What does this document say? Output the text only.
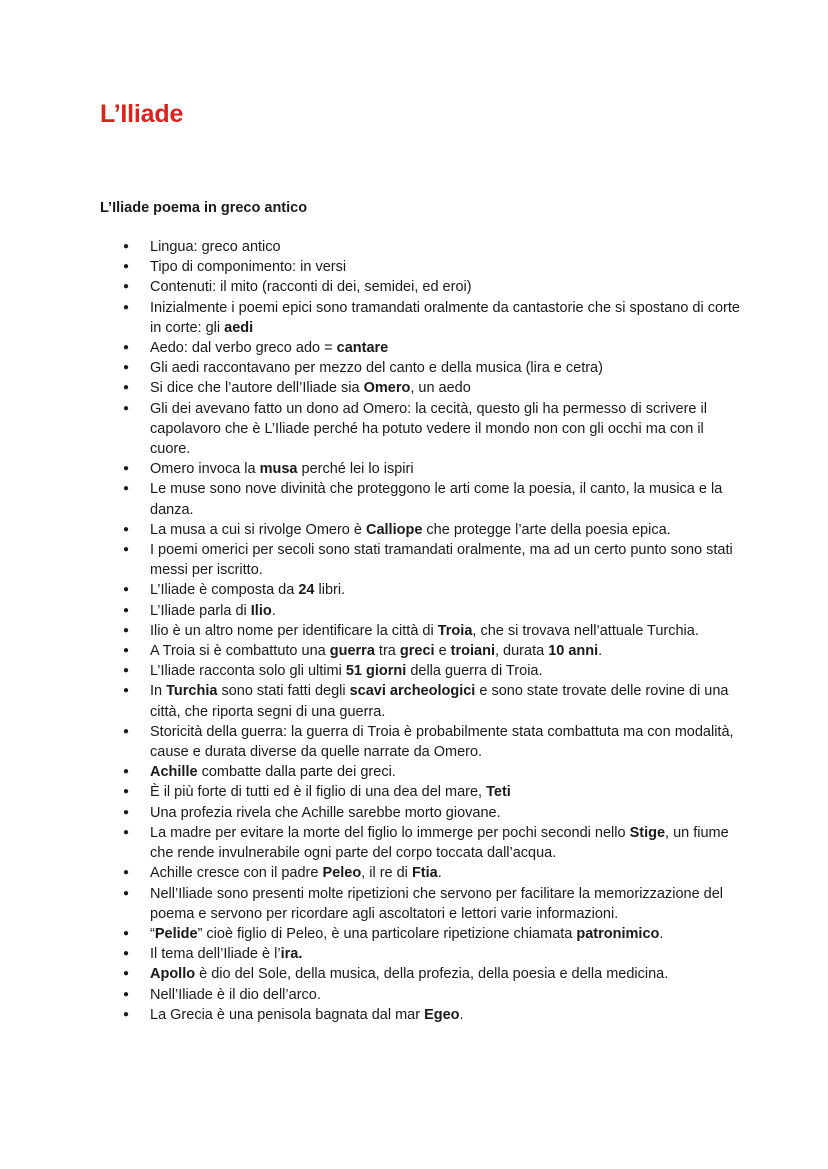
L’Iliade
L’Iliade poema in greco antico
● Lingua: greco antico
● Tipo di componimento: in versi
● Contenuti: il mito (racconti di dei, semidei, ed eroi)
● Inizialmente i poemi epici sono tramandati oralmente da cantastorie che si spostano di corte in corte: gli aedi
● Aedo: dal verbo greco ado = cantare
● Gli aedi raccontavano per mezzo del canto e della musica (lira e cetra)
● Si dice che l’autore dell’Iliade sia Omero, un aedo
● Gli dei avevano fatto un dono ad Omero: la cecità, questo gli ha permesso di scrivere il capolavoro che è L’Iliade perché ha potuto vedere il mondo non con gli occhi ma con il cuore.
● Omero invoca la musa perché lei lo ispiri
● Le muse sono nove divinità che proteggono le arti come la poesia, il canto, la musica e la danza.
● La musa a cui si rivolge Omero è Calliope che protegge l’arte della poesia epica.
● I poemi omerici per secoli sono stati tramandati oralmente, ma ad un certo punto sono stati messi per iscritto.
● L’Iliade è composta da 24 libri.
● L’Iliade parla di Ilio.
● Ilio è un altro nome per identificare la città di Troia, che si trovava nell’attuale Turchia.
● A Troia si è combattuto una guerra tra greci e troiani, durata 10 anni.
● L’Iliade racconta solo gli ultimi 51 giorni della guerra di Troia.
● In Turchia sono stati fatti degli scavi archeologici e sono state trovate delle rovine di una città, che riporta segni di una guerra.
● Storicità della guerra: la guerra di Troia è probabilmente stata combattuta ma con modalità, cause e durata diverse da quelle narrate da Omero.
● Achille combatte dalla parte dei greci.
● È il più forte di tutti ed è il figlio di una dea del mare, Teti
● Una profezia rivela che Achille sarebbe morto giovane.
● La madre per evitare la morte del figlio lo immerge per pochi secondi nello Stige, un fiume che rende invulnerabile ogni parte del corpo toccata dall’acqua.
● Achille cresce con il padre Peleo, il re di Ftia.
● Nell’Iliade sono presenti molte ripetizioni che servono per facilitare la memorizzazione del poema e servono per ricordare agli ascoltatori e lettori varie informazioni.
● “Pelide” cioè figlio di Peleo, è una particolare ripetizione chiamata patronimico.
● Il tema dell’Iliade è l’ira.
● Apollo è dio del Sole, della musica, della profezia, della poesia e della medicina.
● Nell’Iliade è il dio dell’arco.
● La Grecia è una penisola bagnata dal mar Egeo.
